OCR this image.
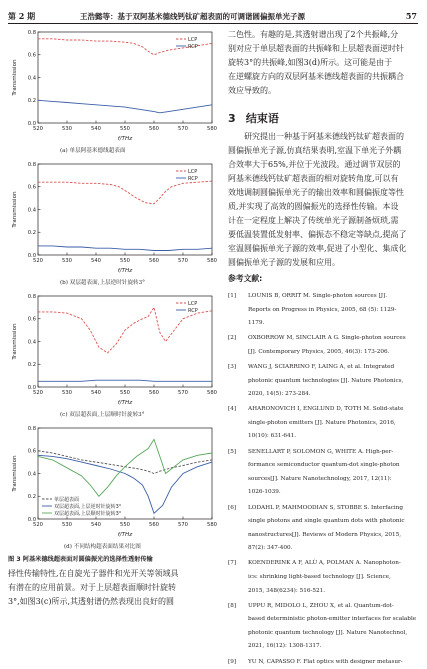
第 2 期	王浩懿等：基于双阿基米德线钙钛矿超表面的可调谐圆偏振单光子源	57
520	530	540	550	560	570	580
0.0
0.2
0.4
0.6
0.8
f/THz
Transmission
LCP
RCP
(a) 单层阿基米德线超表面
520	530	540	550	560	570	580
0.0
0.2
0.4
0.6
0.8
f/THz
Transmission
LCP
RCP
(b) 双层超表面,上层逆时针旋转3°
520	530	540	550	560	570	580
0.0
0.2
0.4
0.6
0.8
f/THz
Transmission
LCP
RCP
(c) 双层超表面,上层顺时针旋转3°
520	530	540	550	560	570	580
0.0
0.2
0.4
0.6
0.8
f/THz
Transmission
单层超表面
双层超表面,上层逆时针旋转3°
双层超表面,上层顺时针旋转3°
(d) 不同结构超表面结果对比图
图 3 阿基米德线超表面对圆偏振光的选择性透射传输
择性传输特性,在自旋光子器件和光开关等领域具
有潜在的应用前景。对于上层超表面顺时针旋转
3°,如图3(c)所示,其透射谱仍然表现出良好的圆
二色性。有趣的是,其透射谱出现了2个共振峰,分
别对应于单层超表面的共振峰和上层超表面逆时针
旋转3°的共振峰,如图3(d)所示。这可能是由于
在逆螺旋方向的双层阿基米德线超表面的共振耦合
效应导致的。
3 结束语
研究提出一种基于阿基米德线钙钛矿超表面的
圆偏振单光子源,仿真结果表明,室温下单光子外耦
合效率大于65%,并位于光波段。通过调节双层的
阿基米德线钙钛矿超表面的相对旋转角度,可以有
效地调制圆偏振单光子的输出效率和圆偏振度等性
质,并实现了高效的圆偏振光的选择性传输。本设
计在一定程度上解决了传统单光子源制备烦琐,需
要低温装置低发射率、偏振态不稳定等缺点,提高了
室温圆偏振单光子源的效率,促进了小型化、集成化
圆偏振单光子源的发展和应用。
参考文献:
[1]	LOUNIS B, ORRIT M. Single-photon sources [J].
Reports on Progress in Physics, 2005, 68 (5): 1129-
1179.
[2]	OXBORROW M, SINCLAIR A G. Single-photon sources
[J]. Contemporary Physics, 2005, 46(3): 173-206.
[3]	WANG J, SCIARRINO F, LAING A, et al. Integrated
photonic quantum technologies [J]. Nature Photonics,
2020, 14(5): 273-284.
[4]	AHARONOVICH I, ENGLUND D, TOTH M. Solid-state
single-photon emitters [J]. Nature Photonics, 2016,
10(10): 631-641.
[5]	SENELLART P, SOLOMON G, WHITE A. High-per-
formance semiconductor quantum-dot single-photon
sources[J]. Nature Nanotechnology, 2017, 12(11):
1026-1039.
[6]	LODAHL P, MAHMOODIAN S, STOBBE S. Interfacing
single photons and single quantum dots with photonic
nanostructures[J]. Reviews of Modern Physics, 2015,
87(2): 347-400.
[7]	KOENDERINK A F, ALÙ A, POLMAN A. Nanophoton-
ics: shrinking light-based technology [J]. Science,
2015, 348(6234): 516-521.
[8]	UPPU R, MIDOLO L, ZHOU X, et al. Quantum-dot-
based deterministic photon-emitter interfaces for scalable
photonic quantum technology [J]. Nature Nanotechnol,
2021, 16(12): 1308-1317.
[9]	YU N, CAPASSO F. Flat optics with designer metasur-
